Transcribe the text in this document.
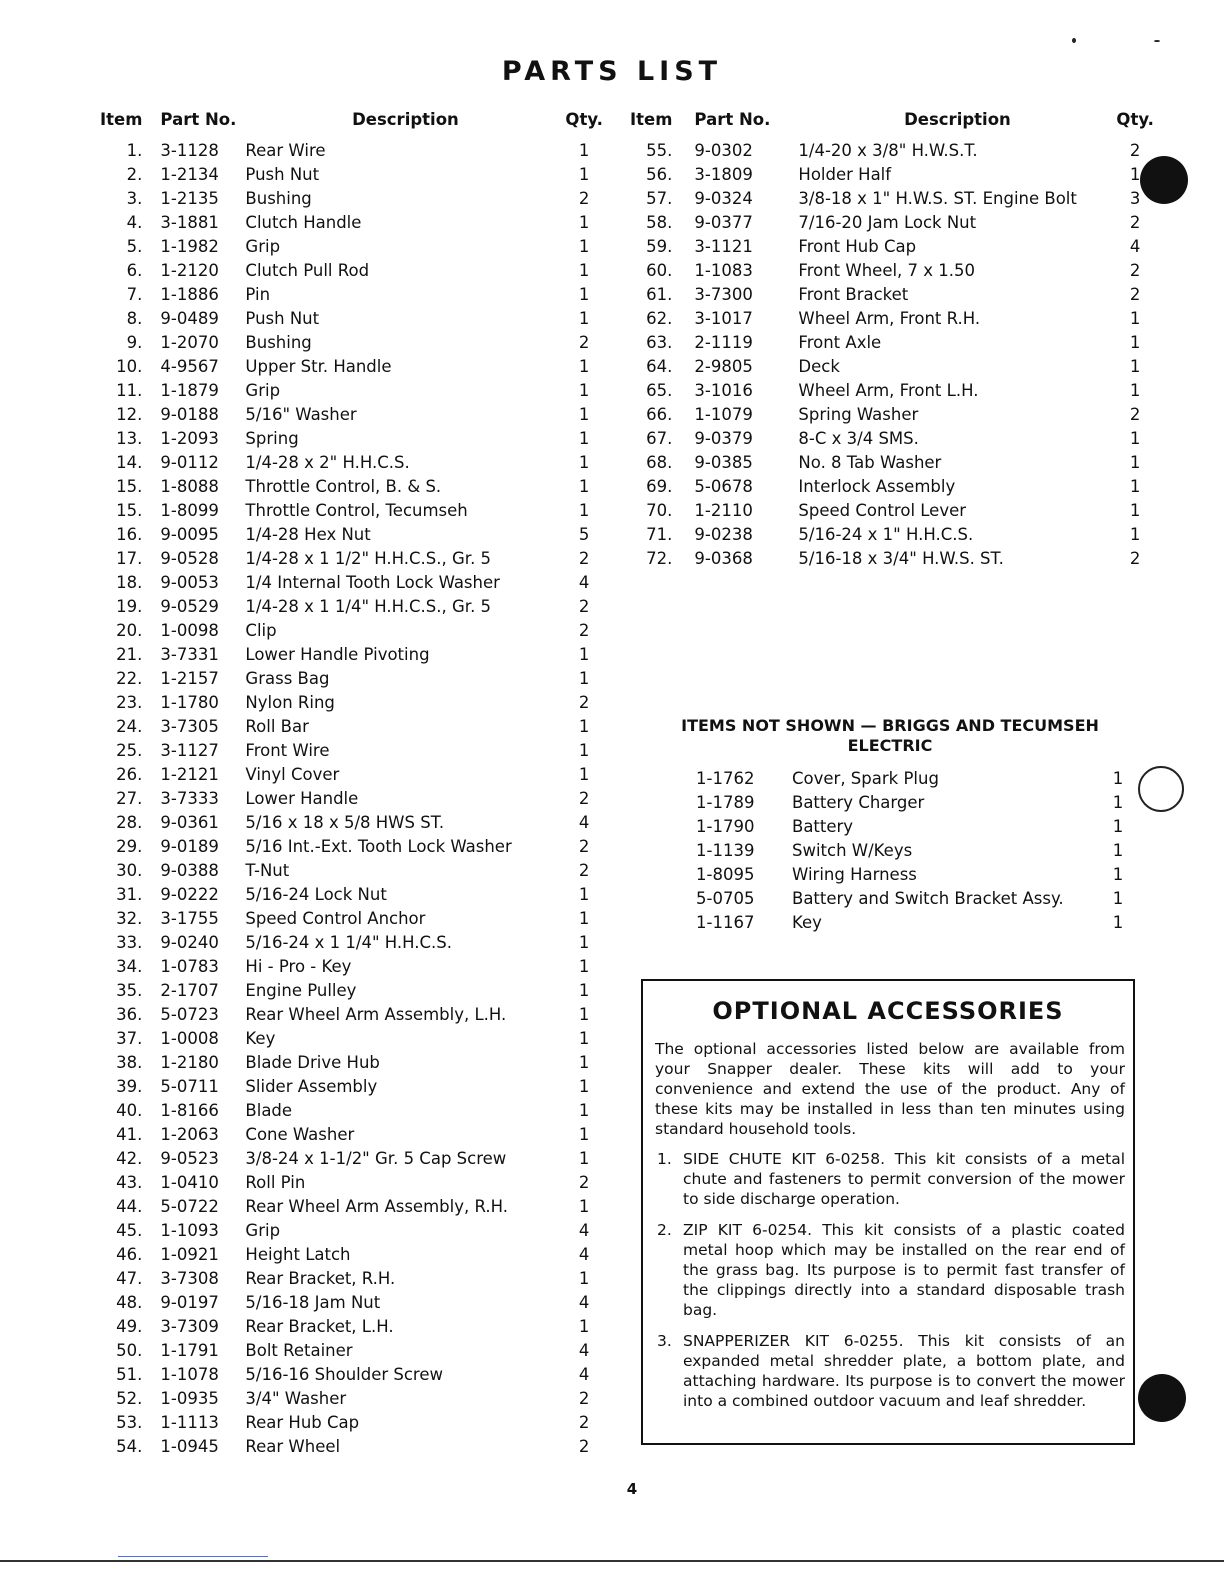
PARTS LIST
Item	Part No.	Description	Qty.
1.	3-1128	Rear Wire	1
2.	1-2134	Push Nut	1
3.	1-2135	Bushing	2
4.	3-1881	Clutch Handle	1
5.	1-1982	Grip	1
6.	1-2120	Clutch Pull Rod	1
7.	1-1886	Pin	1
8.	9-0489	Push Nut	1
9.	1-2070	Bushing	2
10.	4-9567	Upper Str. Handle	1
11.	1-1879	Grip	1
12.	9-0188	5/16" Washer	1
13.	1-2093	Spring	1
14.	9-0112	1/4-28 x 2" H.H.C.S.	1
15.	1-8088	Throttle Control, B. & S.	1
15.	1-8099	Throttle Control, Tecumseh	1
16.	9-0095	1/4-28 Hex Nut	5
17.	9-0528	1/4-28 x 1 1/2" H.H.C.S., Gr. 5	2
18.	9-0053	1/4 Internal Tooth Lock Washer	4
19.	9-0529	1/4-28 x 1 1/4" H.H.C.S., Gr. 5	2
20.	1-0098	Clip	2
21.	3-7331	Lower Handle Pivoting	1
22.	1-2157	Grass Bag	1
23.	1-1780	Nylon Ring	2
24.	3-7305	Roll Bar	1
25.	3-1127	Front Wire	1
26.	1-2121	Vinyl Cover	1
27.	3-7333	Lower Handle	2
28.	9-0361	5/16 x 18 x 5/8 HWS ST.	4
29.	9-0189	5/16 Int.-Ext. Tooth Lock Washer	2
30.	9-0388	T-Nut	2
31.	9-0222	5/16-24 Lock Nut	1
32.	3-1755	Speed Control Anchor	1
33.	9-0240	5/16-24 x 1 1/4" H.H.C.S.	1
34.	1-0783	Hi - Pro - Key	1
35.	2-1707	Engine Pulley	1
36.	5-0723	Rear Wheel Arm Assembly, L.H.	1
37.	1-0008	Key	1
38.	1-2180	Blade Drive Hub	1
39.	5-0711	Slider Assembly	1
40.	1-8166	Blade	1
41.	1-2063	Cone Washer	1
42.	9-0523	3/8-24 x 1-1/2" Gr. 5 Cap Screw	1
43.	1-0410	Roll Pin	2
44.	5-0722	Rear Wheel Arm Assembly, R.H.	1
45.	1-1093	Grip	4
46.	1-0921	Height Latch	4
47.	3-7308	Rear Bracket, R.H.	1
48.	9-0197	5/16-18 Jam Nut	4
49.	3-7309	Rear Bracket, L.H.	1
50.	1-1791	Bolt Retainer	4
51.	1-1078	5/16-16 Shoulder Screw	4
52.	1-0935	3/4" Washer	2
53.	1-1113	Rear Hub Cap	2
54.	1-0945	Rear Wheel	2
Item	Part No.	Description	Qty.
55.	9-0302	1/4-20 x 3/8" H.W.S.T.	2
56.	3-1809	Holder Half	1
57.	9-0324	3/8-18 x 1" H.W.S. ST. Engine Bolt	3
58.	9-0377	7/16-20 Jam Lock Nut	2
59.	3-1121	Front Hub Cap	4
60.	1-1083	Front Wheel, 7 x 1.50	2
61.	3-7300	Front Bracket	2
62.	3-1017	Wheel Arm, Front R.H.	1
63.	2-1119	Front Axle	1
64.	2-9805	Deck	1
65.	3-1016	Wheel Arm, Front L.H.	1
66.	1-1079	Spring Washer	2
67.	9-0379	8-C x 3/4 SMS.	1
68.	9-0385	No. 8 Tab Washer	1
69.	5-0678	Interlock Assembly	1
70.	1-2110	Speed Control Lever	1
71.	9-0238	5/16-24 x 1" H.H.C.S.	1
72.	9-0368	5/16-18 x 3/4" H.W.S. ST.	2
ITEMS NOT SHOWN — BRIGGS AND TECUMSEH
ELECTRIC
1-1762	Cover, Spark Plug	1
1-1789	Battery Charger	1
1-1790	Battery	1
1-1139	Switch W/Keys	1
1-8095	Wiring Harness	1
5-0705	Battery and Switch Bracket Assy.	1
1-1167	Key	1
OPTIONAL ACCESSORIES
The optional accessories listed below are available from your Snapper dealer. These kits will add to your convenience and extend the use of the product. Any of these kits may be installed in less than ten minutes using standard household tools.
1. SIDE CHUTE KIT 6-0258. This kit consists of a metal chute and fasteners to permit conversion of the mower to side discharge operation.
2. ZIP KIT 6-0254. This kit consists of a plastic coated metal hoop which may be installed on the rear end of the grass bag. Its purpose is to permit fast transfer of the clippings directly into a standard disposable trash bag.
3. SNAPPERIZER KIT 6-0255. This kit consists of an expanded metal shredder plate, a bottom plate, and attaching hardware. Its purpose is to convert the mower into a combined outdoor vacuum and leaf shredder.
4
